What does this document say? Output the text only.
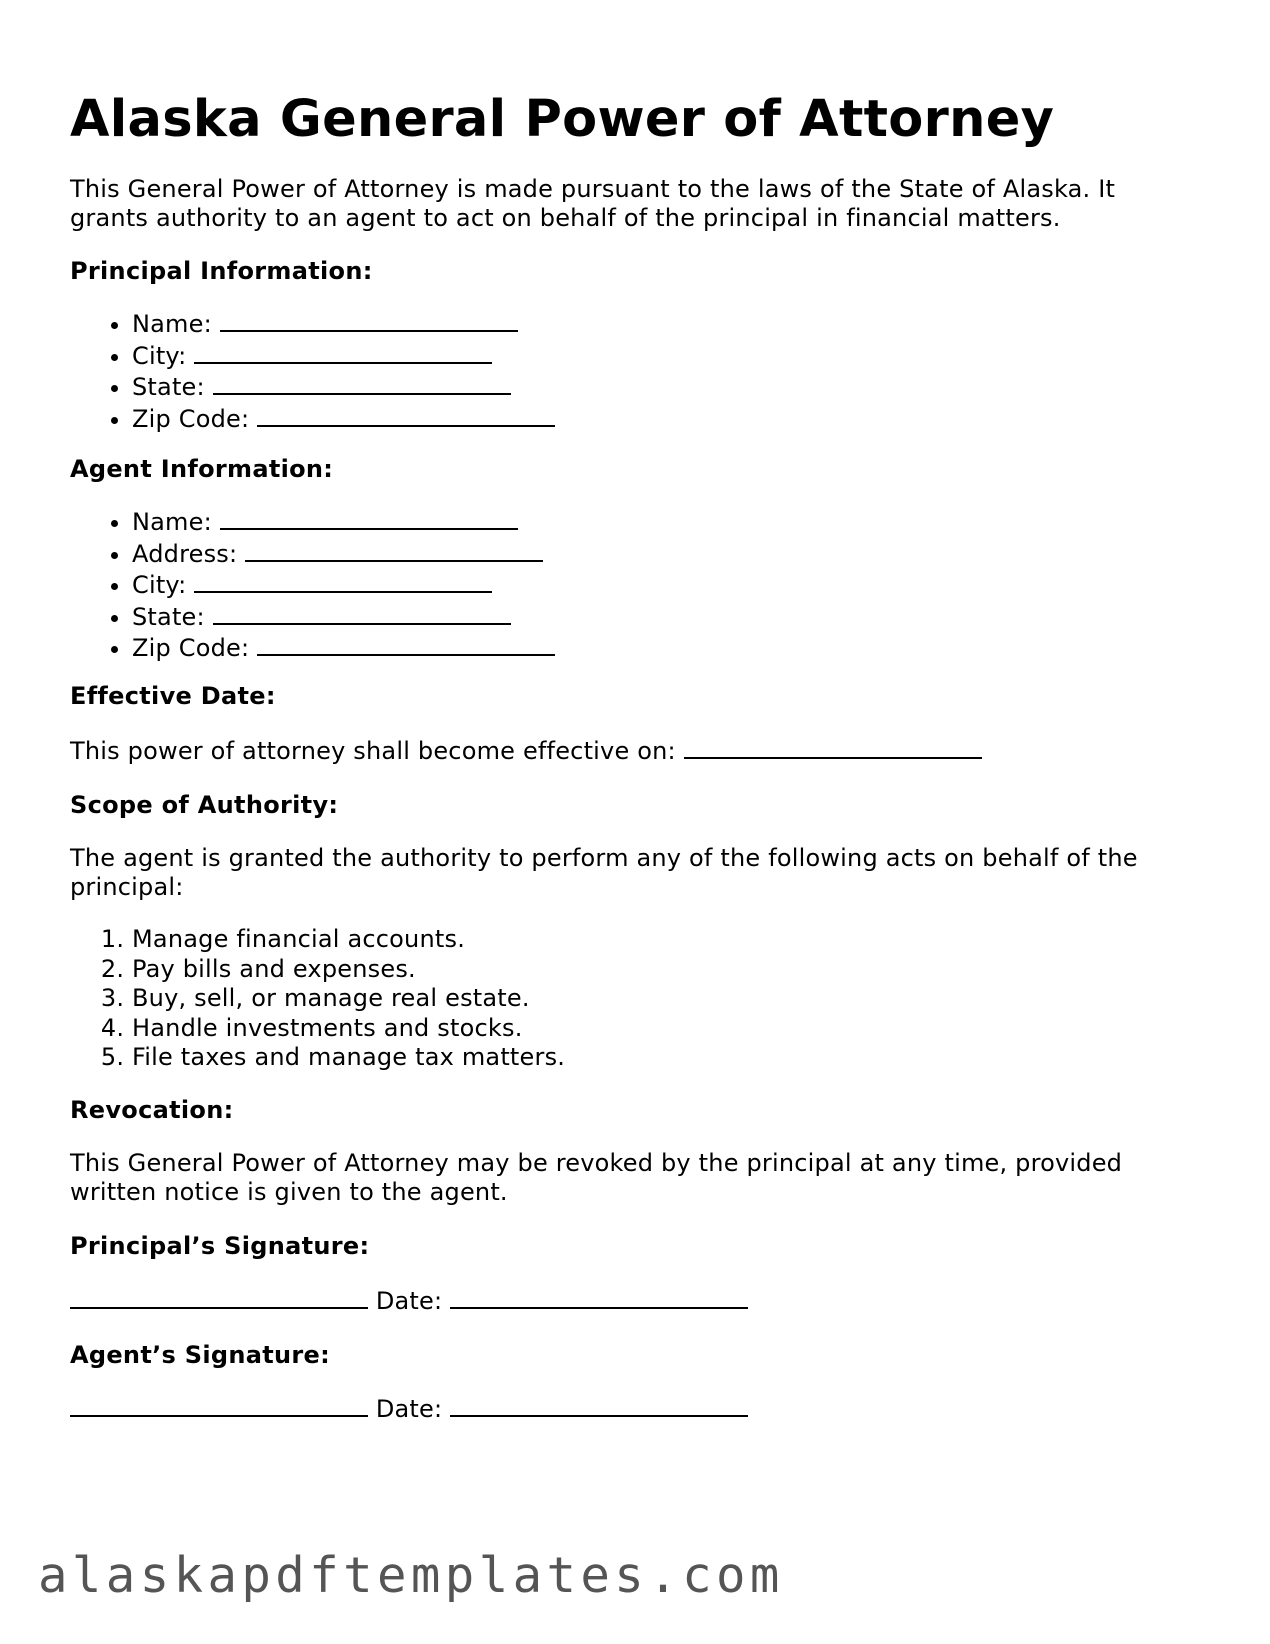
Alaska General Power of Attorney

This General Power of Attorney is made pursuant to the laws of the State of Alaska. It

grants authority to an agent to act on behalf of the principal in financial matters.

Principal Information:

• Name:
• City:
• State:
• Zip Code:

Agent Information:

• Name:
• Address:
• City:
• State:
• Zip Code:

Effective Date:

This power of attorney shall become effective on:

Scope of Authority:

The agent is granted the authority to perform any of the following acts on behalf of the

principal:

1. Manage financial accounts.
2. Pay bills and expenses.
3. Buy, sell, or manage real estate.
4. Handle investments and stocks.
5. File taxes and manage tax matters.

Revocation:

This General Power of Attorney may be revoked by the principal at any time, provided

written notice is given to the agent.

Principal’s Signature:

Date:

Agent’s Signature:

Date:

alaskapdftemplates.com
